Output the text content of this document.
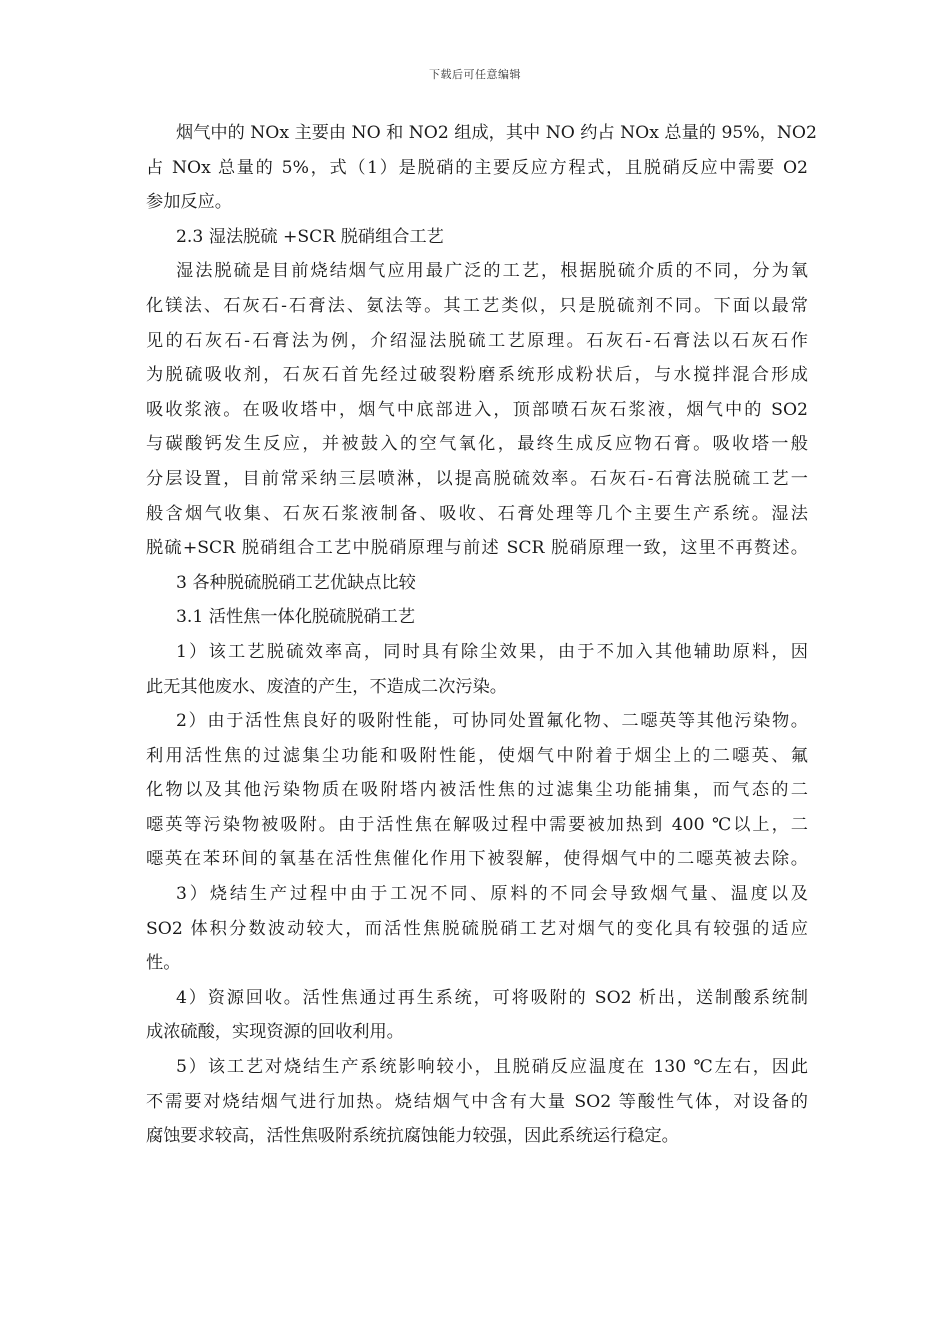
下载后可任意编辑
烟气中的 NOx 主要由 NO 和 NO2 组成，其中 NO 约占 NOx 总量的 95%，NO2
占 NOx 总量的 5%，式（1）是脱硝的主要反应方程式，且脱硝反应中需要 O2
参加反应。
2.3 湿法脱硫 +SCR 脱硝组合工艺
湿法脱硫是目前烧结烟气应用最广泛的工艺，根据脱硫介质的不同，分为氧
化镁法、石灰石-石膏法、氨法等。其工艺类似，只是脱硫剂不同。下面以最常
见的石灰石-石膏法为例，介绍湿法脱硫工艺原理。石灰石-石膏法以石灰石作
为脱硫吸收剂，石灰石首先经过破裂粉磨系统形成粉状后，与水搅拌混合形成
吸收浆液。在吸收塔中，烟气中底部进入，顶部喷石灰石浆液，烟气中的 SO2
与碳酸钙发生反应，并被鼓入的空气氧化，最终生成反应物石膏。吸收塔一般
分层设置，目前常采纳三层喷淋，以提高脱硫效率。石灰石-石膏法脱硫工艺一
般含烟气收集、石灰石浆液制备、吸收、石膏处理等几个主要生产系统。湿法
脱硫+SCR 脱硝组合工艺中脱硝原理与前述 SCR 脱硝原理一致，这里不再赘述。
3 各种脱硫脱硝工艺优缺点比较
3.1 活性焦一体化脱硫脱硝工艺
1）该工艺脱硫效率高，同时具有除尘效果，由于不加入其他辅助原料，因
此无其他废水、废渣的产生，不造成二次污染。
2）由于活性焦良好的吸附性能，可协同处置氟化物、二噁英等其他污染物。
利用活性焦的过滤集尘功能和吸附性能，使烟气中附着于烟尘上的二噁英、氟
化物以及其他污染物质在吸附塔内被活性焦的过滤集尘功能捕集，而气态的二
噁英等污染物被吸附。由于活性焦在解吸过程中需要被加热到 400 ℃以上，二
噁英在苯环间的氧基在活性焦催化作用下被裂解，使得烟气中的二噁英被去除。
3）烧结生产过程中由于工况不同、原料的不同会导致烟气量、温度以及
SO2 体积分数波动较大，而活性焦脱硫脱硝工艺对烟气的变化具有较强的适应
性。
4）资源回收。活性焦通过再生系统，可将吸附的 SO2 析出，送制酸系统制
成浓硫酸，实现资源的回收利用。
5）该工艺对烧结生产系统影响较小，且脱硝反应温度在 130 ℃左右，因此
不需要对烧结烟气进行加热。烧结烟气中含有大量 SO2 等酸性气体，对设备的
腐蚀要求较高，活性焦吸附系统抗腐蚀能力较强，因此系统运行稳定。
